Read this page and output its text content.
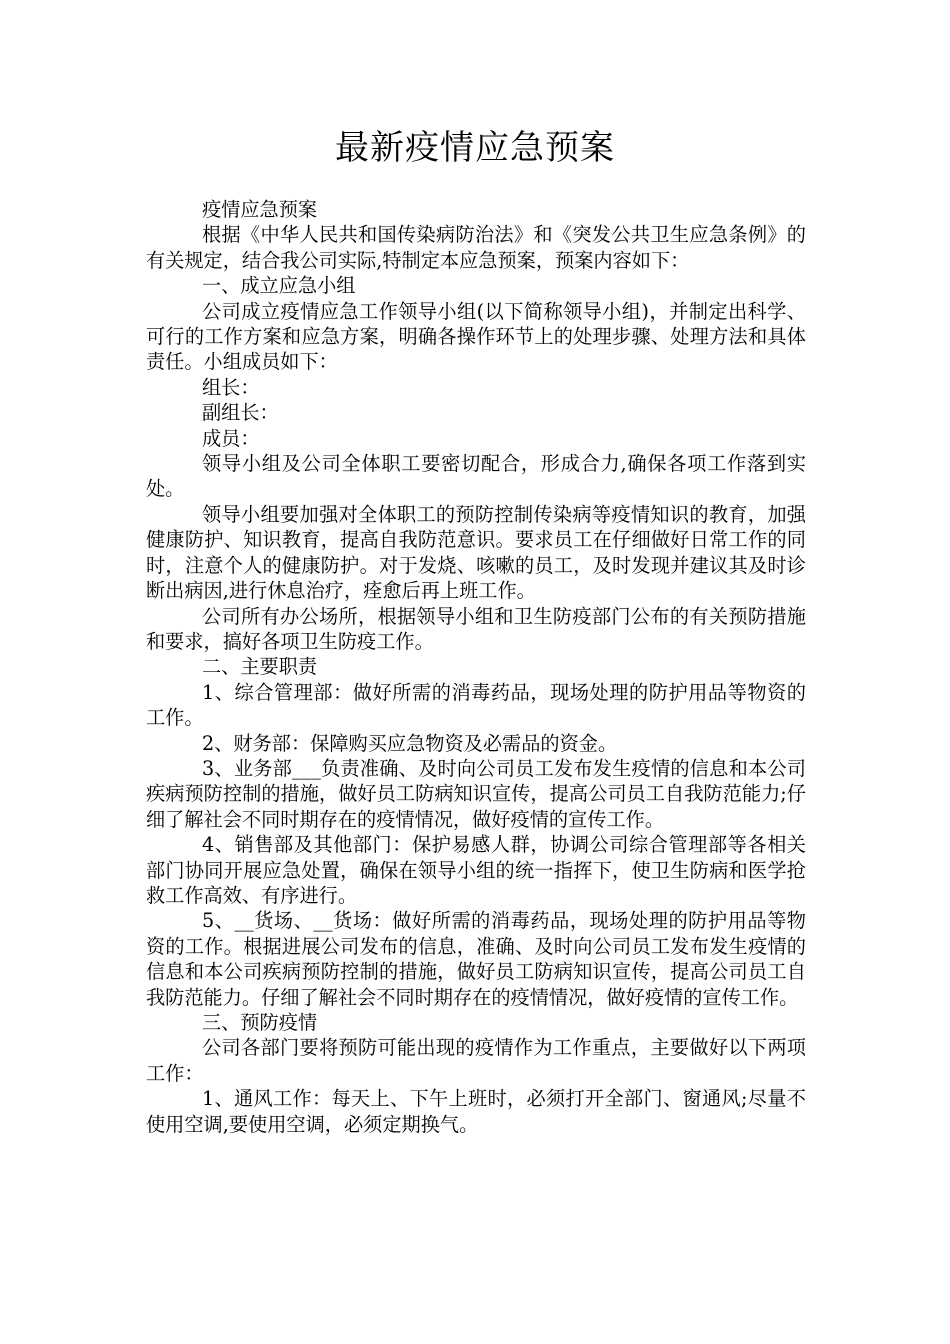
最新疫情应急预案

疫情应急预案

根据《中华人民共和国传染病防治法》和《突发公共卫生应急条例》的有关规定，结合我公司实际,特制定本应急预案，预案内容如下：

一、成立应急小组

公司成立疫情应急工作领导小组(以下简称领导小组)，并制定出科学、可行的工作方案和应急方案，明确各操作环节上的处理步骤、处理方法和具体责任。小组成员如下：

组长：

副组长：

成员：

领导小组及公司全体职工要密切配合，形成合力,确保各项工作落到实处。

领导小组要加强对全体职工的预防控制传染病等疫情知识的教育，加强健康防护、知识教育，提高自我防范意识。要求员工在仔细做好日常工作的同时，注意个人的健康防护。对于发烧、咳嗽的员工，及时发现并建议其及时诊断出病因,进行休息治疗，痊愈后再上班工作。

公司所有办公场所，根据领导小组和卫生防疫部门公布的有关预防措施和要求，搞好各项卫生防疫工作。

二、主要职责

1、综合管理部：做好所需的消毒药品，现场处理的防护用品等物资的工作。

2、财务部：保障购买应急物资及必需品的资金。

3、业务部___负责准确、及时向公司员工发布发生疫情的信息和本公司疾病预防控制的措施，做好员工防病知识宣传，提高公司员工自我防范能力;仔细了解社会不同时期存在的疫情情况，做好疫情的宣传工作。

4、销售部及其他部门：保护易感人群，协调公司综合管理部等各相关部门协同开展应急处置，确保在领导小组的统一指挥下，使卫生防病和医学抢救工作高效、有序进行。

5、__货场、__货场：做好所需的消毒药品，现场处理的防护用品等物资的工作。根据进展公司发布的信息，准确、及时向公司员工发布发生疫情的信息和本公司疾病预防控制的措施，做好员工防病知识宣传，提高公司员工自我防范能力。仔细了解社会不同时期存在的疫情情况，做好疫情的宣传工作。

三、预防疫情

公司各部门要将预防可能出现的疫情作为工作重点，主要做好以下两项工作：

1、通风工作：每天上、下午上班时，必须打开全部门、窗通风;尽量不使用空调,要使用空调，必须定期换气。
